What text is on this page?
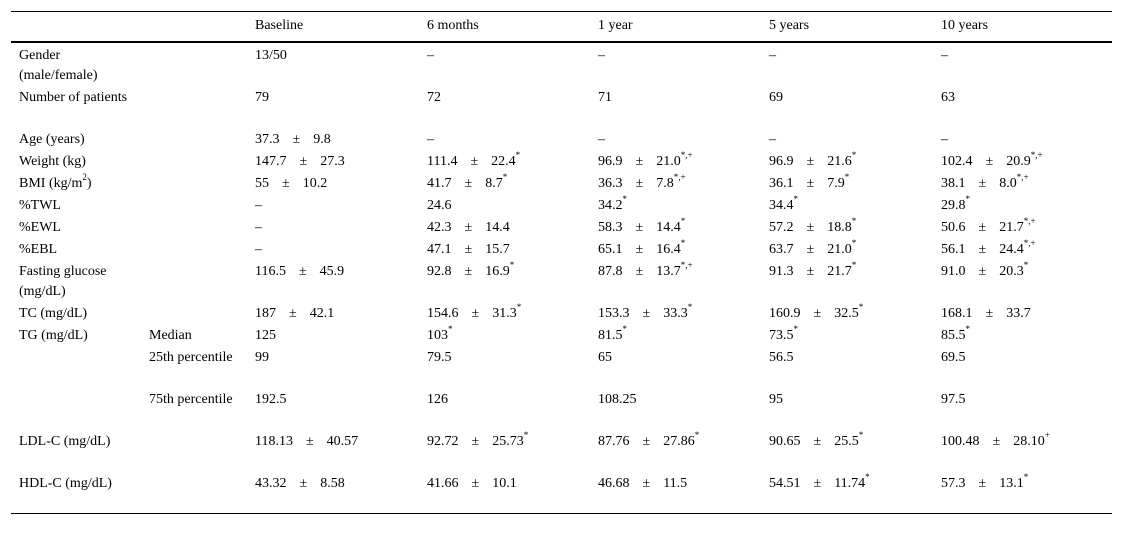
		Baseline	6 months	1 year	5 years	10 years
Gender (male/female)		13/50	–	–	–	–
Number of patients		79	72	71	69	63
Age (years)		37.3 ± 9.8	–	–	–	–
Weight (kg)		147.7 ± 27.3	111.4 ± 22.4*	96.9 ± 21.0*,+	96.9 ± 21.6*	102.4 ± 20.9*,+
BMI $(kg/m^2)$		55 ± 10.2	41.7 ± 8.7*	36.3 ± 7.8*,+	36.1 ± 7.9*	38.1 ± 8.0*,+
%TWL		–	24.6	34.2*	34.4*	29.8*
%EWL		–	42.3 ± 14.4	58.3 ± 14.4*	57.2 ± 18.8*	50.6 ± 21.7*,+
%EBL		–	47.1 ± 15.7	65.1 ± 16.4*	63.7 ± 21.0*	56.1 ± 24.4*,+
Fasting glucose (mg/dL)		116.5 ± 45.9	92.8 ± 16.9*	87.8 ± 13.7*,+	91.3 ± 21.7*	91.0 ± 20.3*
TC (mg/dL)		187 ± 42.1	154.6 ± 31.3*	153.3 ± 33.3*	160.9 ± 32.5*	168.1 ± 33.7
TG (mg/dL)	Median	125	103*	81.5*	73.5*	85.5*
	25th percentile	99	79.5	65	56.5	69.5
	75th percentile	192.5	126	108.25	95	97.5
LDL-C (mg/dL)		118.13 ± 40.57	92.72 ± 25.73*	87.76 ± 27.86*	90.65 ± 25.5*	100.48 ± 28.10+
HDL-C (mg/dL)		43.32 ± 8.58	41.66 ± 10.1	46.68 ± 11.5	54.51 ± 11.74*	57.3 ± 13.1*
